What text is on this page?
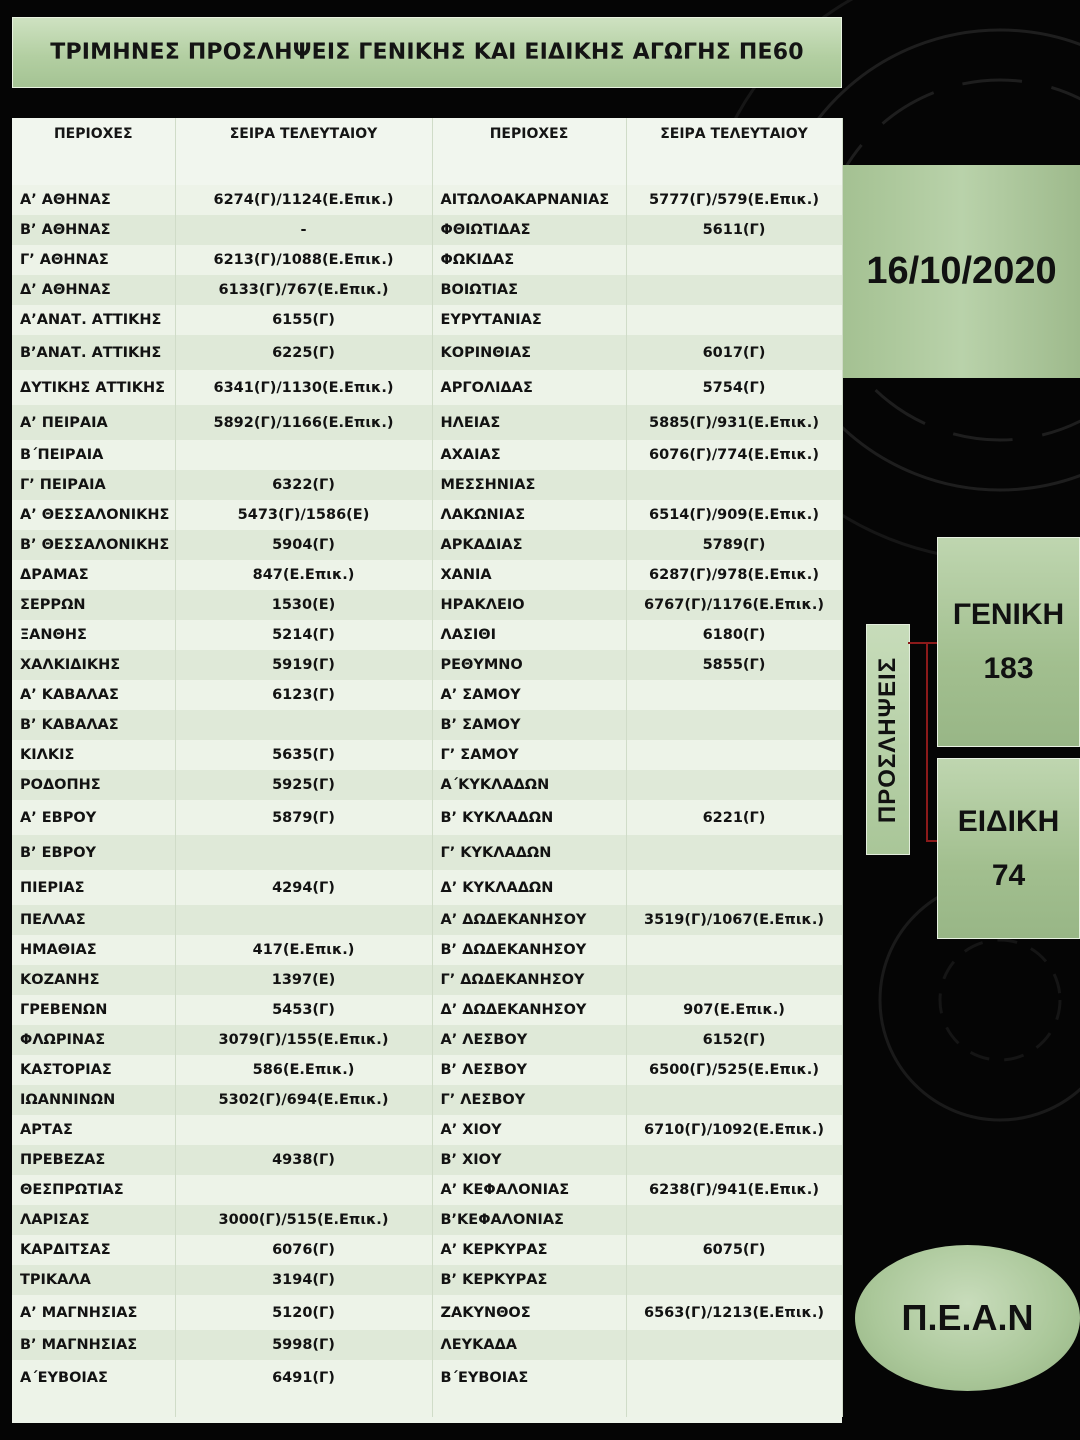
ΤΡΙΜΗΝΕΣ ΠΡΟΣΛΗΨΕΙΣ ΓΕΝΙΚΗΣ ΚΑΙ ΕΙΔΙΚΗΣ ΑΓΩΓΗΣ ΠΕ60
ΠΕΡΙΟΧΕΣ	ΣΕΙΡΑ ΤΕΛΕΥΤΑΙΟΥ	ΠΕΡΙΟΧΕΣ	ΣΕΙΡΑ ΤΕΛΕΥΤΑΙΟΥ

Α’ ΑΘΗΝΑΣ	6274(Γ)/1124(Ε.Επικ.)	ΑΙΤΩΛΟΑΚΑΡΝΑΝΙΑΣ	5777(Γ)/579(Ε.Επικ.)
Β’ ΑΘΗΝΑΣ	-	ΦΘΙΩΤΙΔΑΣ	5611(Γ)
Γ’ ΑΘΗΝΑΣ	6213(Γ)/1088(Ε.Επικ.)	ΦΩΚΙΔΑΣ	
Δ’ ΑΘΗΝΑΣ	6133(Γ)/767(Ε.Επικ.)	ΒΟΙΩΤΙΑΣ	
Α’ΑΝΑΤ. ΑΤΤΙΚΗΣ	6155(Γ)	ΕΥΡΥΤΑΝΙΑΣ	
Β’ΑΝΑΤ. ΑΤΤΙΚΗΣ	6225(Γ)	ΚΟΡΙΝΘΙΑΣ	6017(Γ)
ΔΥΤΙΚΗΣ ΑΤΤΙΚΗΣ	6341(Γ)/1130(Ε.Επικ.)	ΑΡΓΟΛΙΔΑΣ	5754(Γ)
Α’ ΠΕΙΡΑΙΑ	5892(Γ)/1166(Ε.Επικ.)	ΗΛΕΙΑΣ	5885(Γ)/931(Ε.Επικ.)
Β΄ΠΕΙΡΑΙΑ		ΑΧΑΙΑΣ	6076(Γ)/774(Ε.Επικ.)
Γ’ ΠΕΙΡΑΙΑ	6322(Γ)	ΜΕΣΣΗΝΙΑΣ	
Α’ ΘΕΣΣΑΛΟΝΙΚΗΣ	5473(Γ)/1586(Ε)	ΛΑΚΩΝΙΑΣ	6514(Γ)/909(Ε.Επικ.)
Β’ ΘΕΣΣΑΛΟΝΙΚΗΣ	5904(Γ)	ΑΡΚΑΔΙΑΣ	5789(Γ)
ΔΡΑΜΑΣ	847(Ε.Επικ.)	ΧΑΝΙΑ	6287(Γ)/978(Ε.Επικ.)
ΣΕΡΡΩΝ	1530(Ε)	ΗΡΑΚΛΕΙΟ	6767(Γ)/1176(Ε.Επικ.)
ΞΑΝΘΗΣ	5214(Γ)	ΛΑΣΙΘΙ	6180(Γ)
ΧΑΛΚΙΔΙΚΗΣ	5919(Γ)	ΡΕΘΥΜΝΟ	5855(Γ)
Α’ ΚΑΒΑΛΑΣ	6123(Γ)	Α’ ΣΑΜΟΥ	
Β’ ΚΑΒΑΛΑΣ		Β’ ΣΑΜΟΥ	
ΚΙΛΚΙΣ	5635(Γ)	Γ’ ΣΑΜΟΥ	
ΡΟΔΟΠΗΣ	5925(Γ)	Α΄ΚΥΚΛΑΔΩΝ	
Α’ ΕΒΡΟΥ	5879(Γ)	Β’ ΚΥΚΛΑΔΩΝ	6221(Γ)
Β’ ΕΒΡΟΥ		Γ’ ΚΥΚΛΑΔΩΝ	
ΠΙΕΡΙΑΣ	4294(Γ)	Δ’ ΚΥΚΛΑΔΩΝ	
ΠΕΛΛΑΣ		Α’ ΔΩΔΕΚΑΝΗΣΟΥ	3519(Γ)/1067(Ε.Επικ.)
ΗΜΑΘΙΑΣ	417(Ε.Επικ.)	Β’ ΔΩΔΕΚΑΝΗΣΟΥ	
ΚΟΖΑΝΗΣ	1397(Ε)	Γ’ ΔΩΔΕΚΑΝΗΣΟΥ	
ΓΡΕΒΕΝΩΝ	5453(Γ)	Δ’ ΔΩΔΕΚΑΝΗΣΟΥ	907(Ε.Επικ.)
ΦΛΩΡΙΝΑΣ	3079(Γ)/155(Ε.Επικ.)	Α’ ΛΕΣΒΟΥ	6152(Γ)
ΚΑΣΤΟΡΙΑΣ	586(Ε.Επικ.)	Β’ ΛΕΣΒΟΥ	6500(Γ)/525(Ε.Επικ.)
ΙΩΑΝΝΙΝΩΝ	5302(Γ)/694(Ε.Επικ.)	Γ’ ΛΕΣΒΟΥ	
ΑΡΤΑΣ		Α’ ΧΙΟΥ	6710(Γ)/1092(Ε.Επικ.)
ΠΡΕΒΕΖΑΣ	4938(Γ)	Β’ ΧΙΟΥ	
ΘΕΣΠΡΩΤΙΑΣ		Α’ ΚΕΦΑΛΟΝΙΑΣ	6238(Γ)/941(Ε.Επικ.)
ΛΑΡΙΣΑΣ	3000(Γ)/515(Ε.Επικ.)	Β’ΚΕΦΑΛΟΝΙΑΣ	
ΚΑΡΔΙΤΣΑΣ	6076(Γ)	Α’ ΚΕΡΚΥΡΑΣ	6075(Γ)
ΤΡΙΚΑΛΑ	3194(Γ)	Β’ ΚΕΡΚΥΡΑΣ	
Α’ ΜΑΓΝΗΣΙΑΣ	5120(Γ)	ΖΑΚΥΝΘΟΣ	6563(Γ)/1213(Ε.Επικ.)
Β’ ΜΑΓΝΗΣΙΑΣ	5998(Γ)	ΛΕΥΚΑΔΑ	
Α΄ΕΥΒΟΙΑΣ	6491(Γ)	Β΄ΕΥΒΟΙΑΣ	

16/10/2020
ΠΡΟΣΛΗΨΕΙΣ
ΓΕΝΙΚΗ
183
ΕΙΔΙΚΗ
74
Π.Ε.Α.Ν
